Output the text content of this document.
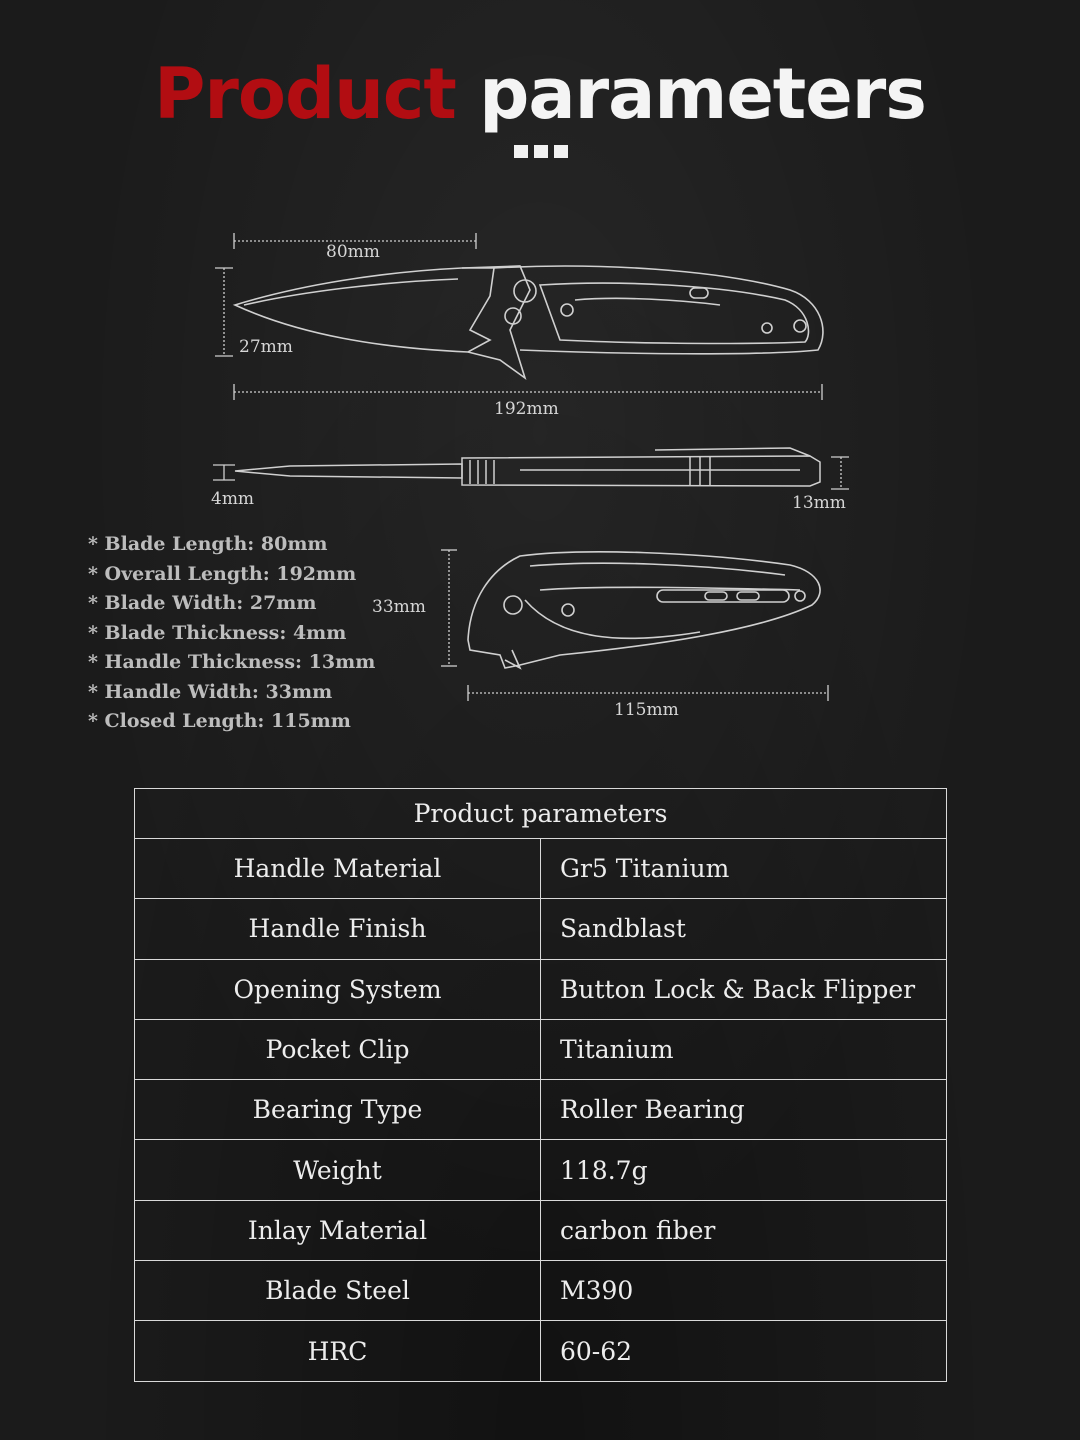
Product parameters
80mm
27mm
192mm
4mm	13mm
33mm
115mm
* Blade Length: 80mm
* Overall Length: 192mm
* Blade Width: 27mm
* Blade Thickness: 4mm
* Handle Thickness: 13mm
* Handle Width: 33mm
* Closed Length: 115mm
Product parameters	
Handle Material	Gr5 Titanium
Handle Finish	Sandblast
Opening System	Button Lock & Back Flipper
Pocket Clip	Titanium
Bearing Type	Roller Bearing
Weight	118.7g
Inlay Material	carbon fiber
Blade Steel	M390
HRC	60-62
